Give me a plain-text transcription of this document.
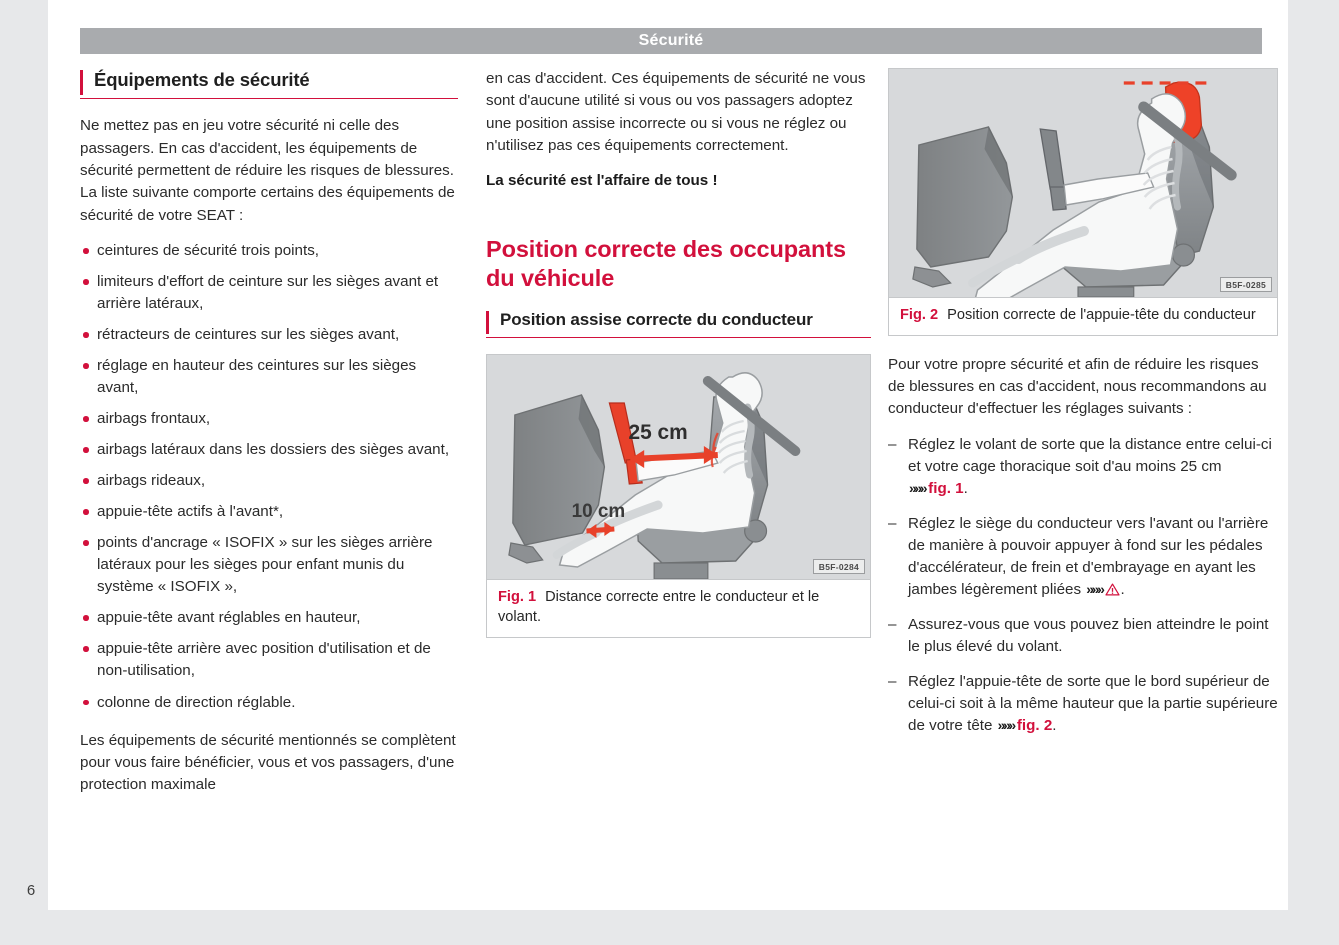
Sécurité
Équipements de sécurité

Ne mettez pas en jeu votre sécurité ni celle des passagers. En cas d'accident, les équipements de sécurité permettent de réduire les risques de blessures. La liste suivante comporte certains des équipements de sécurité de votre SEAT :

ceintures de sécurité trois points,
limiteurs d'effort de ceinture sur les sièges avant et arrière latéraux,
rétracteurs de ceintures sur les sièges avant,
réglage en hauteur des ceintures sur les sièges avant,
airbags frontaux,
airbags latéraux dans les dossiers des sièges avant,
airbags rideaux,
appuie-tête actifs à l'avant*,
points d'ancrage « ISOFIX » sur les sièges arrière latéraux pour les sièges pour enfant munis du système « ISOFIX »,
appuie-tête avant réglables en hauteur,
appuie-tête arrière avec position d'utilisation et de non-utilisation,
colonne de direction réglable.

Les équipements de sécurité mentionnés se complètent pour vous faire bénéficier, vous et vos passagers, d'une protection maximale

en cas d'accident. Ces équipements de sécurité ne vous sont d'aucune utilité si vous ou vos passagers adoptez une position assise incorrecte ou si vous ne réglez ou n'utilisez pas ces équipements correctement.

La sécurité est l'affaire de tous !

Position correcte des occupants du véhicule
Position assise correcte du conducteur
25 cm
10 cm
B5F-0284
Fig. 1 Distance correcte entre le conducteur et le volant.
B5F-0285
Fig. 2 Position correcte de l'appuie-tête du conducteur

Pour votre propre sécurité et afin de réduire les risques de blessures en cas d'accident, nous recommandons au conducteur d'effectuer les réglages suivants :

– Réglez le volant de sorte que la distance entre celui-ci et votre cage thoracique soit d'au moins 25 cm »»» fig. 1.
– Réglez le siège du conducteur vers l'avant ou l'arrière de manière à pouvoir appuyer à fond sur les pédales d'accélérateur, de frein et d'embrayage en ayant les jambes légèrement pliées »»» .
– Assurez-vous que vous pouvez bien atteindre le point le plus élevé du volant.
– Réglez l'appuie-tête de sorte que le bord supérieur de celui-ci soit à la même hauteur que la partie supérieure de votre tête »»» fig. 2.
6
